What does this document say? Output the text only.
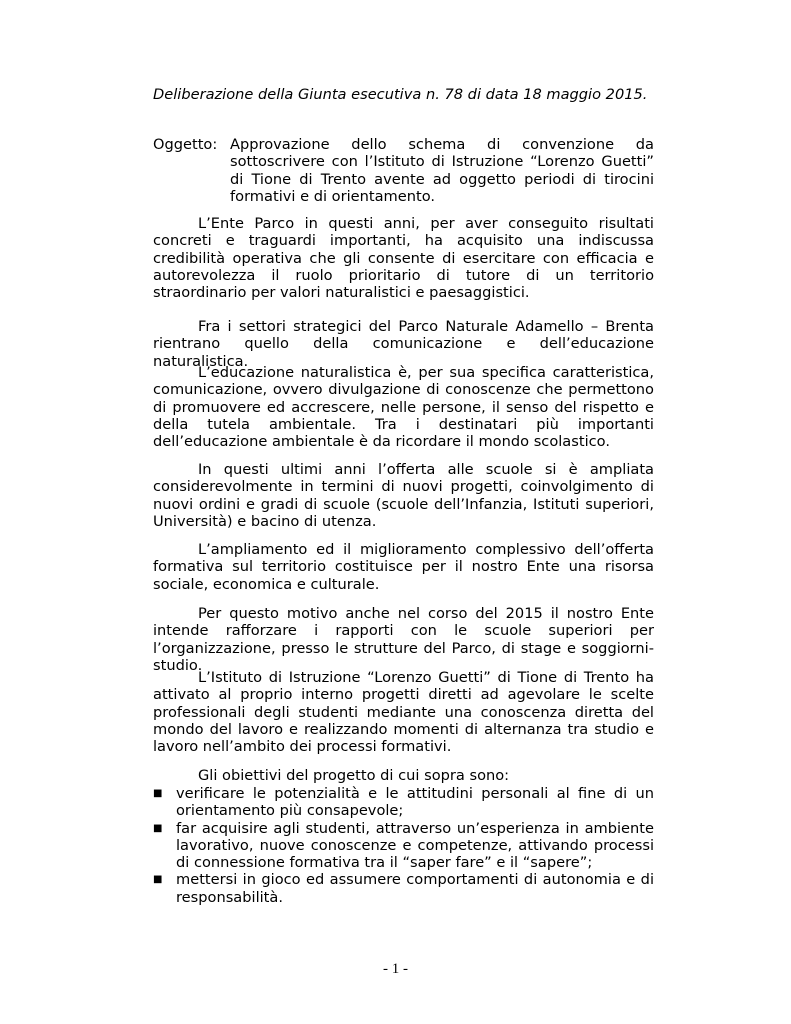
Deliberazione della Giunta esecutiva n. 78 di data 18 maggio 2015.
Oggetto: Approvazione dello schema di convenzione da sottoscrivere con l’Istituto di Istruzione “Lorenzo Guetti” di Tione di Trento avente ad oggetto periodi di tirocini formativi e di orientamento.
L’Ente Parco in questi anni, per aver conseguito risultati concreti e traguardi importanti, ha acquisito una indiscussa credibilità operativa che gli consente di esercitare con efficacia e autorevolezza il ruolo prioritario di tutore di un territorio straordinario per valori naturalistici e paesaggistici.
Fra i settori strategici del Parco Naturale Adamello – Brenta rientrano quello della comunicazione e dell’educazione naturalistica.
L’educazione naturalistica è, per sua specifica caratteristica, comunicazione, ovvero divulgazione di conoscenze che permettono di promuovere ed accrescere, nelle persone, il senso del rispetto e della tutela ambientale. Tra i destinatari più importanti dell’educazione ambientale è da ricordare il mondo scolastico.
In questi ultimi anni l’offerta alle scuole si è ampliata considerevolmente in termini di nuovi progetti, coinvolgimento di nuovi ordini e gradi di scuole (scuole dell’Infanzia, Istituti superiori, Università) e bacino di utenza.
L’ampliamento ed il miglioramento complessivo dell’offerta formativa sul territorio costituisce per il nostro Ente una risorsa sociale, economica e culturale.
Per questo motivo anche nel corso del 2015 il nostro Ente intende rafforzare i rapporti con le scuole superiori per l’organizzazione, presso le strutture del Parco, di stage e soggiorni-studio.
L’Istituto di Istruzione “Lorenzo Guetti” di Tione di Trento ha attivato al proprio interno progetti diretti ad agevolare le scelte professionali degli studenti mediante una conoscenza diretta del mondo del lavoro e realizzando momenti di alternanza tra studio e lavoro nell’ambito dei processi formativi.
Gli obiettivi del progetto di cui sopra sono:
■ verificare le potenzialità e le attitudini personali al fine di un orientamento più consapevole;
■ far acquisire agli studenti, attraverso un’esperienza in ambiente lavorativo, nuove conoscenze e competenze, attivando processi di connessione formativa tra il “saper fare” e il “sapere”;
■ mettersi in gioco ed assumere comportamenti di autonomia e di responsabilità.
- 1 -
